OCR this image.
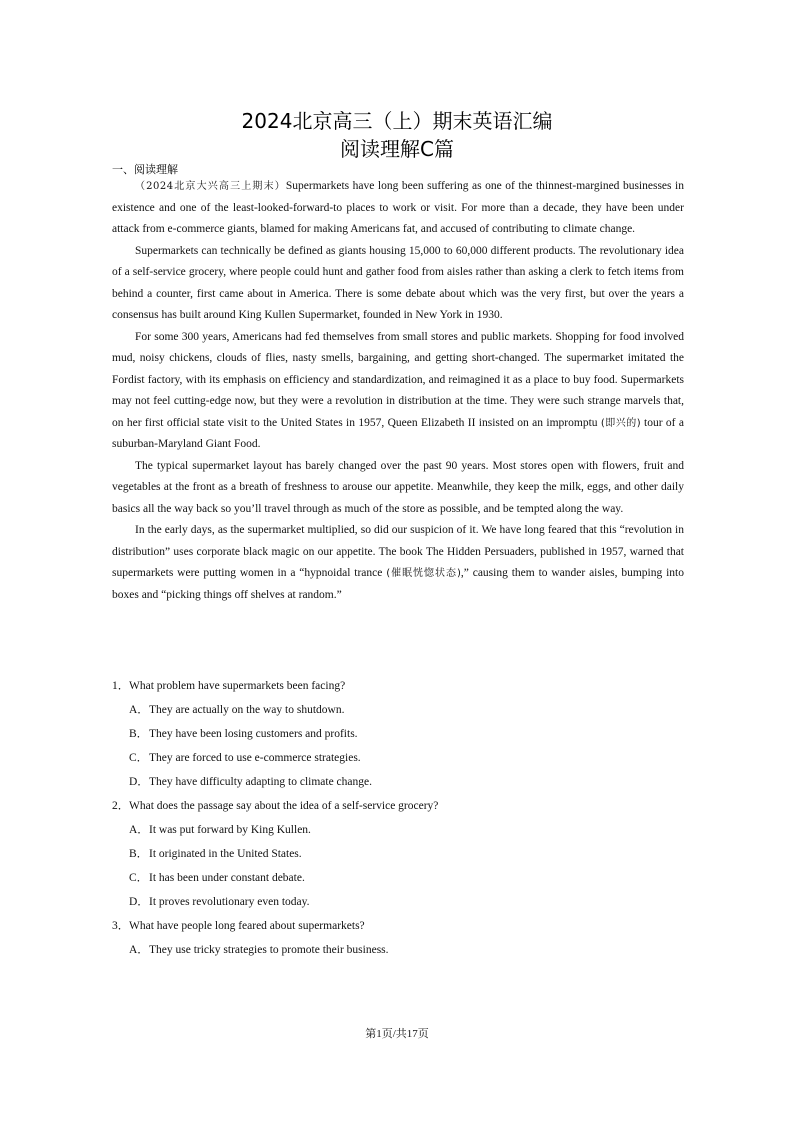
2024北京高三（上）期末英语汇编
阅读理解C篇
一、阅读理解

（2024北京大兴高三上期末）Supermarkets have long been suffering as one of the thinnest-margined businesses in existence and one of the least-looked-forward-to places to work or visit. For more than a decade, they have been under attack from e-commerce giants, blamed for making Americans fat, and accused of contributing to climate change.

Supermarkets can technically be defined as giants housing 15,000 to 60,000 different products. The revolutionary idea of a self-service grocery, where people could hunt and gather food from aisles rather than asking a clerk to fetch items from behind a counter, first came about in America. There is some debate about which was the very first, but over the years a consensus has built around King Kullen Supermarket, founded in New York in 1930.

For some 300 years, Americans had fed themselves from small stores and public markets. Shopping for food involved mud, noisy chickens, clouds of flies, nasty smells, bargaining, and getting short-changed. The supermarket imitated the Fordist factory, with its emphasis on efficiency and standardization, and reimagined it as a place to buy food. Supermarkets may not feel cutting-edge now, but they were a revolution in distribution at the time. They were such strange marvels that, on her first official state visit to the United States in 1957, Queen Elizabeth II insisted on an impromptu (即兴的) tour of a suburban-Maryland Giant Food.

The typical supermarket layout has barely changed over the past 90 years. Most stores open with flowers, fruit and vegetables at the front as a breath of freshness to arouse our appetite. Meanwhile, they keep the milk, eggs, and other daily basics all the way back so you’ll travel through as much of the store as possible, and be tempted along the way.

In the early days, as the supermarket multiplied, so did our suspicion of it. We have long feared that this “revolution in distribution” uses corporate black magic on our appetite. The book The Hidden Persuaders, published in 1957, warned that supermarkets were putting women in a “hypnoidal trance (催眠恍惚状态),” causing them to wander aisles, bumping into boxes and “picking things off shelves at random.”

1．What problem have supermarkets been facing?
A．They are actually on the way to shutdown.
B．They have been losing customers and profits.
C．They are forced to use e-commerce strategies.
D．They have difficulty adapting to climate change.
2．What does the passage say about the idea of a self-service grocery?
A．It was put forward by King Kullen.
B．It originated in the United States.
C．It has been under constant debate.
D．It proves revolutionary even today.
3．What have people long feared about supermarkets?
A．They use tricky strategies to promote their business.
第1页/共17页
